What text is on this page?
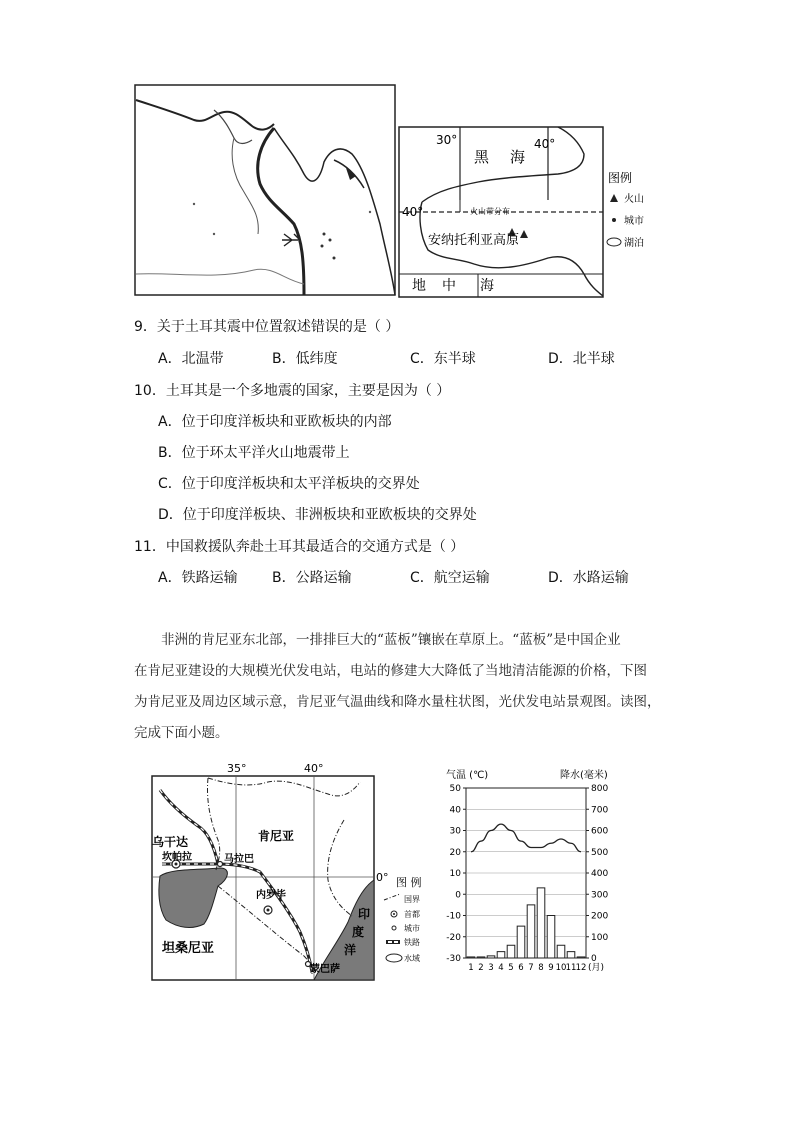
30°	40°
40°
黑 海
安纳托利亚高原
火山带分布
地 中 海
图例
火山
城市
湖泊
9．关于土耳其震中位置叙述错误的是（ ）
A．北温带	B．低纬度	C．东半球	D．北半球
10．土耳其是一个多地震的国家，主要是因为（ ）
A．位于印度洋板块和亚欧板块的内部
B．位于环太平洋火山地震带上
C．位于印度洋板块和太平洋板块的交界处
D．位于印度洋板块、非洲板块和亚欧板块的交界处
11．中国救援队奔赴土耳其最适合的交通方式是（ ）
A．铁路运输 B．公路运输	C．航空运输	D．水路运输
非洲的肯尼亚东北部，一排排巨大的“蓝板”镶嵌在草原上。“蓝板”是中国企业
在肯尼亚建设的大规模光伏发电站，电站的修建大大降低了当地清洁能源的价格，下图
为肯尼亚及周边区域示意，肯尼亚气温曲线和降水量柱状图，光伏发电站景观图。读图，
完成下面小题。
35°	40°
0°
乌干达	肯尼亚
坎帕拉	马拉巴
内罗毕
蒙巴萨
坦桑尼亚
印
度
洋
图 例
国界
首都
城市
铁路
水域
气温 (℃)	降水(毫米)
50
40
30
20
10
0
-10
-20
-30
800
700
600
500
400
300
200
100
0
1 2 3 4 5 6 7 8 9 10 11 12 (月)
